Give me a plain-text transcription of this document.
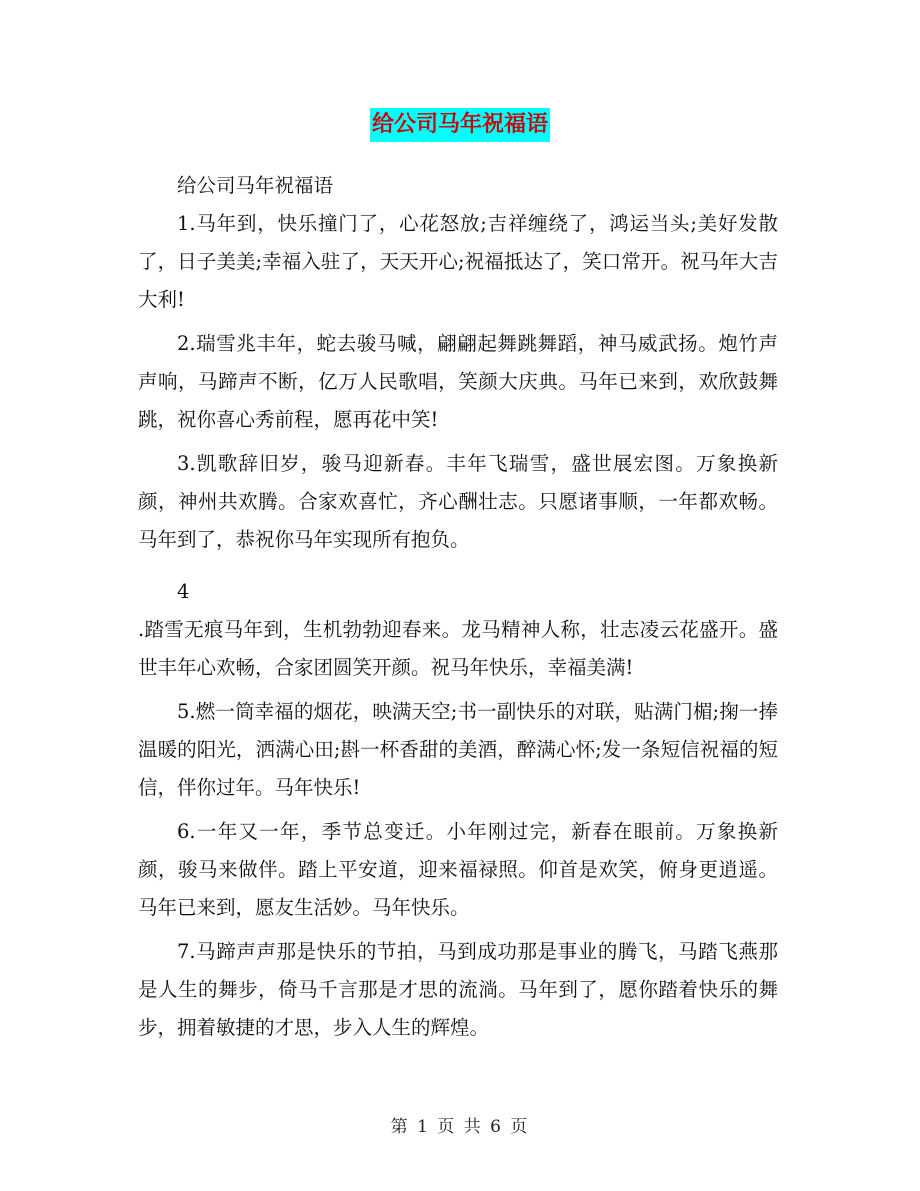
给公司马年祝福语

给公司马年祝福语

1.马年到，快乐撞门了，心花怒放;吉祥缠绕了，鸿运当头;美好发散了，日子美美;幸福入驻了，天天开心;祝福抵达了，笑口常开。祝马年大吉大利!

2.瑞雪兆丰年，蛇去骏马喊，翩翩起舞跳舞蹈，神马威武扬。炮竹声声响，马蹄声不断，亿万人民歌唱，笑颜大庆典。马年已来到，欢欣鼓舞跳，祝你喜心秀前程，愿再花中笑!

3.凯歌辞旧岁，骏马迎新春。丰年飞瑞雪，盛世展宏图。万象换新颜，神州共欢腾。合家欢喜忙，齐心酬壮志。只愿诸事顺，一年都欢畅。马年到了，恭祝你马年实现所有抱负。

4

.踏雪无痕马年到，生机勃勃迎春来。龙马精神人称，壮志凌云花盛开。盛世丰年心欢畅，合家团圆笑开颜。祝马年快乐，幸福美满!

5.燃一筒幸福的烟花，映满天空;书一副快乐的对联，贴满门楣;掬一捧温暖的阳光，洒满心田;斟一杯香甜的美酒，醉满心怀;发一条短信祝福的短信，伴你过年。马年快乐!

6.一年又一年，季节总变迁。小年刚过完，新春在眼前。万象换新颜，骏马来做伴。踏上平安道，迎来福禄照。仰首是欢笑，俯身更逍遥。马年已来到，愿友生活妙。马年快乐。

7.马蹄声声那是快乐的节拍，马到成功那是事业的腾飞，马踏飞燕那是人生的舞步，倚马千言那是才思的流淌。马年到了，愿你踏着快乐的舞步，拥着敏捷的才思，步入人生的辉煌。

第 1 页 共 6 页
